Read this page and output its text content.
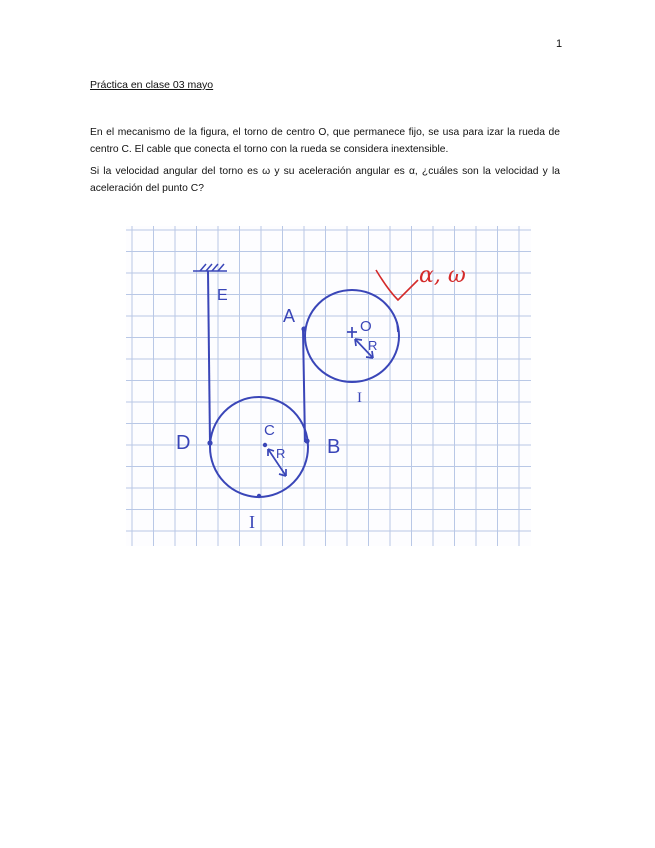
1
Práctica en clase 03 mayo
En el mecanismo de la figura, el torno de centro O, que permanece fijo, se usa para izar la rueda de centro C. El cable que conecta el torno con la rueda se considera inextensible.
Si la velocidad angular del torno es ω y su aceleración angular es α, ¿cuáles son la velocidad y la aceleración del punto C?
E
A
O
R
C
R
D	B
I
I
α, ω
